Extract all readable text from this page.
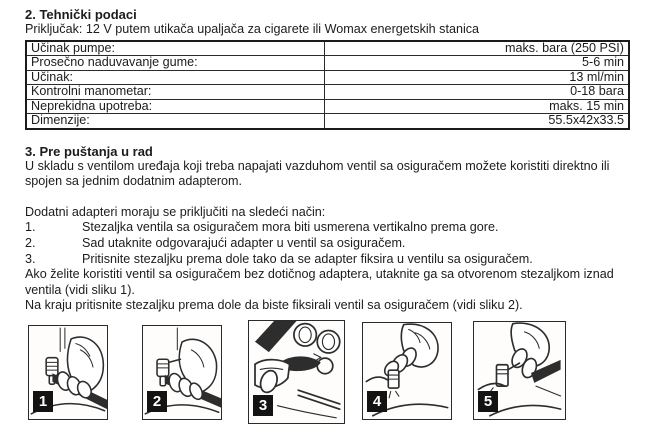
2. Tehnički podaci

Priključak: 12 V putem utikača upaljača za cigarete ili Womax energetskih stanica

Učinak pumpe:	maks. bara (250 PSI)
Prosečno naduvavanje gume:	5-6 min
Učinak:	13 ml/min
Kontrolni manometar:	0-18 bara
Neprekidna upotreba:	maks. 15 min
Dimenzije:	55.5x42x33.5

3. Pre puštanja u rad

U skladu s ventilom uređaja koji treba napajati vazduhom ventil sa osiguračem možete koristiti direktno ili spojen sa jednim dodatnim adapterom.

Dodatni adapteri moraju se priključiti na sledeći način:

1.	Stezaljka ventila sa osiguračem mora biti usmerena vertikalno prema gore.
2.	Sad utaknite odgovarajući adapter u ventil sa osiguračem.
3.	Pritisnite stezaljku prema dole tako da se adapter fiksira u ventilu sa osiguračem.

Ako želite koristiti ventil sa osiguračem bez dotičnog adaptera, utaknite ga sa otvorenom stezaljkom iznad ventila (vidi sliku 1).

Na kraju pritisnite stezaljku prema dole da biste fiksirali ventil sa osiguračem (vidi sliku 2).

1	2	3	4	5
